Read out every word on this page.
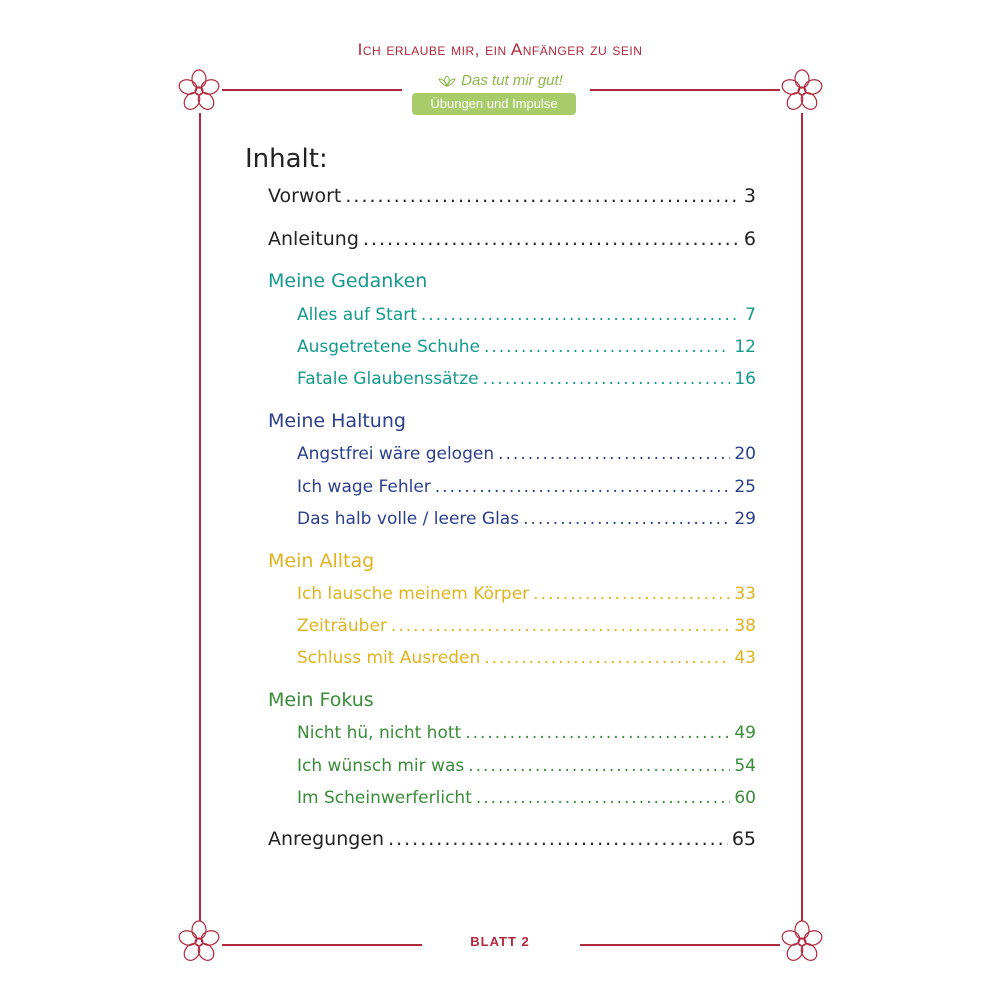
Ich erlaube mir, ein Anfänger zu sein
Das tut mir gut!
Übungen und Impulse
Inhalt:
Vorwort .....	3
Anleitung .....	6
Meine Gedanken
Alles auf Start .....	7
Ausgetretene Schuhe .....	12
Fatale Glaubenssätze .....	16
Meine Haltung
Angstfrei wäre gelogen .....	20
Ich wage Fehler .....	25
Das halb volle / leere Glas .....	29
Mein Alltag
Ich lausche meinem Körper .....	33
Zeiträuber .....	38
Schluss mit Ausreden .....	43
Mein Fokus
Nicht hü, nicht hott .....	49
Ich wünsch mir was .....	54
Im Scheinwerferlicht .....	60
Anregungen .....	65
BLATT 2
